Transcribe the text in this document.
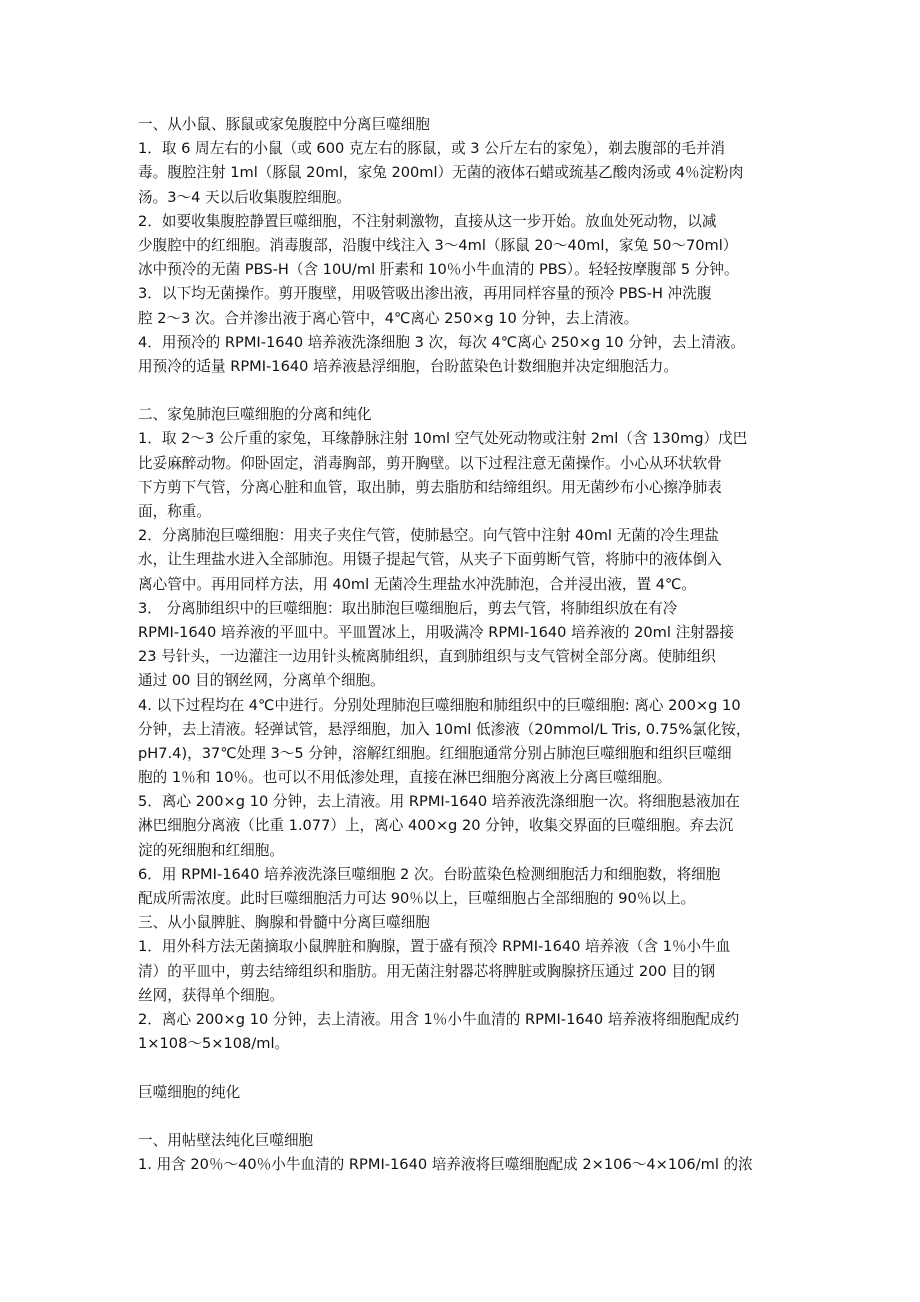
一、从小鼠、豚鼠或家兔腹腔中分离巨噬细胞
1．取 6 周左右的小鼠（或 600 克左右的豚鼠，或 3 公斤左右的家兔），剃去腹部的毛并消
毒。腹腔注射 1ml（豚鼠 20ml，家兔 200ml）无菌的液体石蜡或巯基乙酸肉汤或 4％淀粉肉
汤。3～4 天以后收集腹腔细胞。
2．如要收集腹腔静置巨噬细胞，不注射刺激物，直接从这一步开始。放血处死动物，以减
少腹腔中的红细胞。消毒腹部，沿腹中线注入 3～4ml（豚鼠 20～40ml，家兔 50～70ml）
冰中预冷的无菌 PBS-H（含 10U/ml 肝素和 10％小牛血清的 PBS）。轻轻按摩腹部 5 分钟。
3．以下均无菌操作。剪开腹壁，用吸管吸出渗出液，再用同样容量的预冷 PBS-H 冲洗腹
腔 2～3 次。合并渗出液于离心管中，4℃离心 250×g 10 分钟，去上清液。
4．用预冷的 RPMI-1640 培养液洗涤细胞 3 次，每次 4℃离心 250×g 10 分钟，去上清液。
用预冷的适量 RPMI-1640 培养液悬浮细胞，台盼蓝染色计数细胞并决定细胞活力。
二、家兔肺泡巨噬细胞的分离和纯化
1．取 2～3 公斤重的家兔，耳缘静脉注射 10ml 空气处死动物或注射 2ml（含 130mg）戊巴
比妥麻醉动物。仰卧固定，消毒胸部，剪开胸壁。以下过程注意无菌操作。小心从环状软骨
下方剪下气管，分离心脏和血管，取出肺，剪去脂肪和结缔组织。用无菌纱布小心擦净肺表
面，称重。
2．分离肺泡巨噬细胞：用夹子夹住气管，使肺悬空。向气管中注射 40ml 无菌的冷生理盐
水，让生理盐水进入全部肺泡。用镊子提起气管，从夹子下面剪断气管，将肺中的液体倒入
离心管中。再用同样方法，用 40ml 无菌冷生理盐水冲洗肺泡，合并浸出液，置 4℃。
3． 分离肺组织中的巨噬细胞：取出肺泡巨噬细胞后，剪去气管，将肺组织放在有冷
RPMI-1640 培养液的平皿中。平皿置冰上，用吸满冷 RPMI-1640 培养液的 20ml 注射器接
23 号针头，一边灌注一边用针头梳离肺组织，直到肺组织与支气管树全部分离。使肺组织
通过 00 目的钢丝网，分离单个细胞。
4. 以下过程均在 4℃中进行。分别处理肺泡巨噬细胞和肺组织中的巨噬细胞: 离心 200×g 10
分钟，去上清液。轻弹试管，悬浮细胞，加入 10ml 低渗液（20mmol/L Tris, 0.75%氯化铵，
pH7.4)，37℃处理 3～5 分钟，溶解红细胞。红细胞通常分别占肺泡巨噬细胞和组织巨噬细
胞的 1％和 10％。也可以不用低渗处理，直接在淋巴细胞分离液上分离巨噬细胞。
5．离心 200×g 10 分钟，去上清液。用 RPMI-1640 培养液洗涤细胞一次。将细胞悬液加在
淋巴细胞分离液（比重 1.077）上，离心 400×g 20 分钟，收集交界面的巨噬细胞。弃去沉
淀的死细胞和红细胞。
6．用 RPMI-1640 培养液洗涤巨噬细胞 2 次。台盼蓝染色检测细胞活力和细胞数，将细胞
配成所需浓度。此时巨噬细胞活力可达 90％以上，巨噬细胞占全部细胞的 90％以上。
三、从小鼠脾脏、胸腺和骨髓中分离巨噬细胞
1．用外科方法无菌摘取小鼠脾脏和胸腺，置于盛有预冷 RPMI-1640 培养液（含 1％小牛血
清）的平皿中，剪去结缔组织和脂肪。用无菌注射器芯将脾脏或胸腺挤压通过 200 目的钢
丝网，获得单个细胞。
2．离心 200×g 10 分钟，去上清液。用含 1％小牛血清的 RPMI-1640 培养液将细胞配成约
1×108～5×108/ml。
巨噬细胞的纯化
一、用帖壁法纯化巨噬细胞
1. 用含 20％～40％小牛血清的 RPMI-1640 培养液将巨噬细胞配成 2×106～4×106/ml 的浓
